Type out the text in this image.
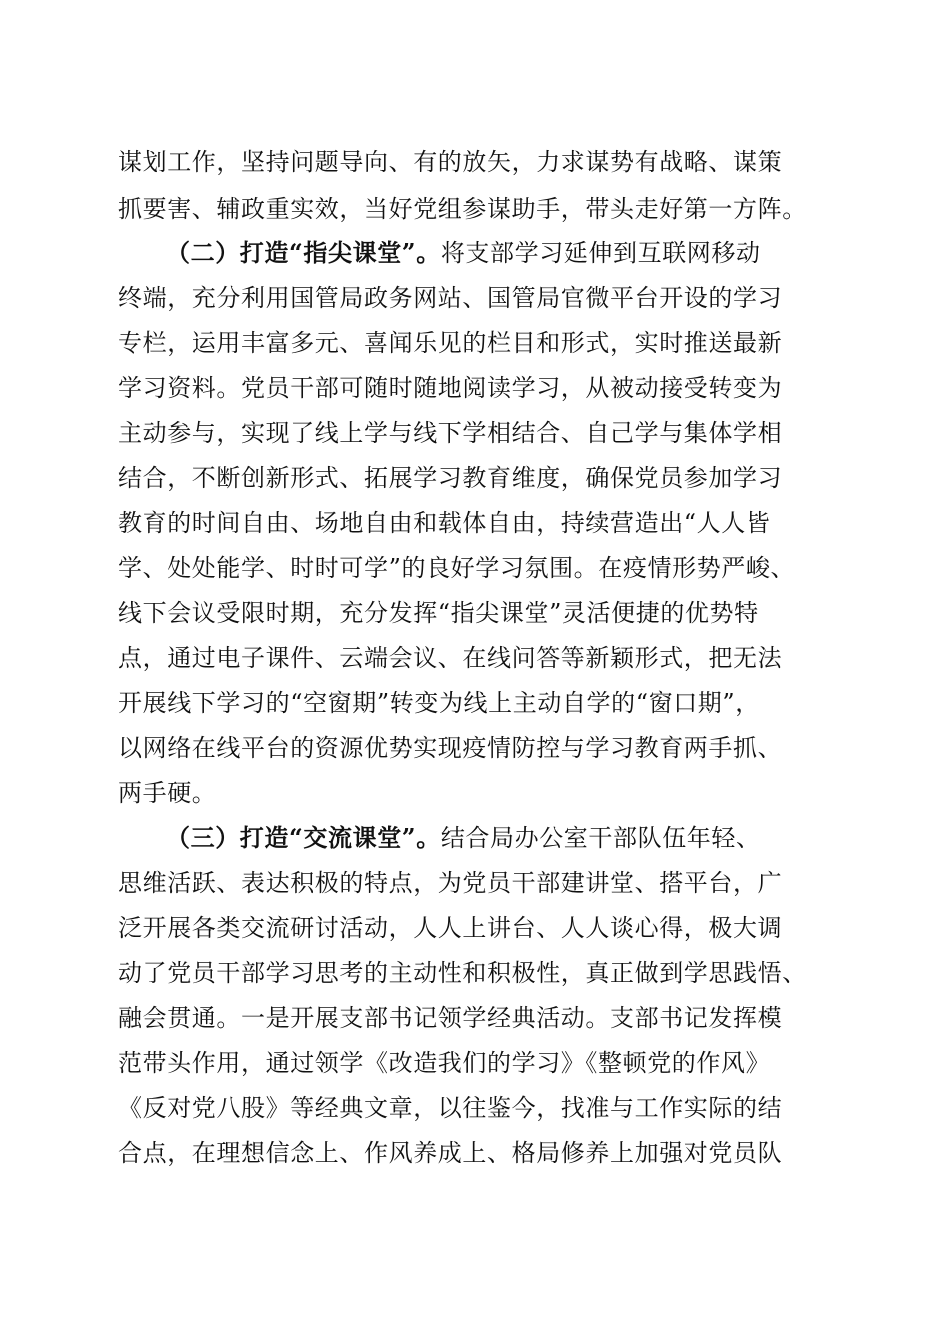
谋划工作，坚持问题导向、有的放矢，力求谋势有战略、谋策
抓要害、辅政重实效，当好党组参谋助手，带头走好第一方阵。
（二）打造“指尖课堂”。将支部学习延伸到互联网移动
终端，充分利用国管局政务网站、国管局官微平台开设的学习
专栏，运用丰富多元、喜闻乐见的栏目和形式，实时推送最新
学习资料。党员干部可随时随地阅读学习，从被动接受转变为
主动参与，实现了线上学与线下学相结合、自己学与集体学相
结合，不断创新形式、拓展学习教育维度，确保党员参加学习
教育的时间自由、场地自由和载体自由，持续营造出“人人皆
学、处处能学、时时可学”的良好学习氛围。在疫情形势严峻、
线下会议受限时期，充分发挥“指尖课堂”灵活便捷的优势特
点，通过电子课件、云端会议、在线问答等新颖形式，把无法
开展线下学习的“空窗期”转变为线上主动自学的“窗口期”，
以网络在线平台的资源优势实现疫情防控与学习教育两手抓、
两手硬。
（三）打造“交流课堂”。结合局办公室干部队伍年轻、
思维活跃、表达积极的特点，为党员干部建讲堂、搭平台，广
泛开展各类交流研讨活动，人人上讲台、人人谈心得，极大调
动了党员干部学习思考的主动性和积极性，真正做到学思践悟、
融会贯通。一是开展支部书记领学经典活动。支部书记发挥模
范带头作用，通过领学《改造我们的学习》《整顿党的作风》
《反对党八股》等经典文章，以往鉴今，找准与工作实际的结
合点，在理想信念上、作风养成上、格局修养上加强对党员队
